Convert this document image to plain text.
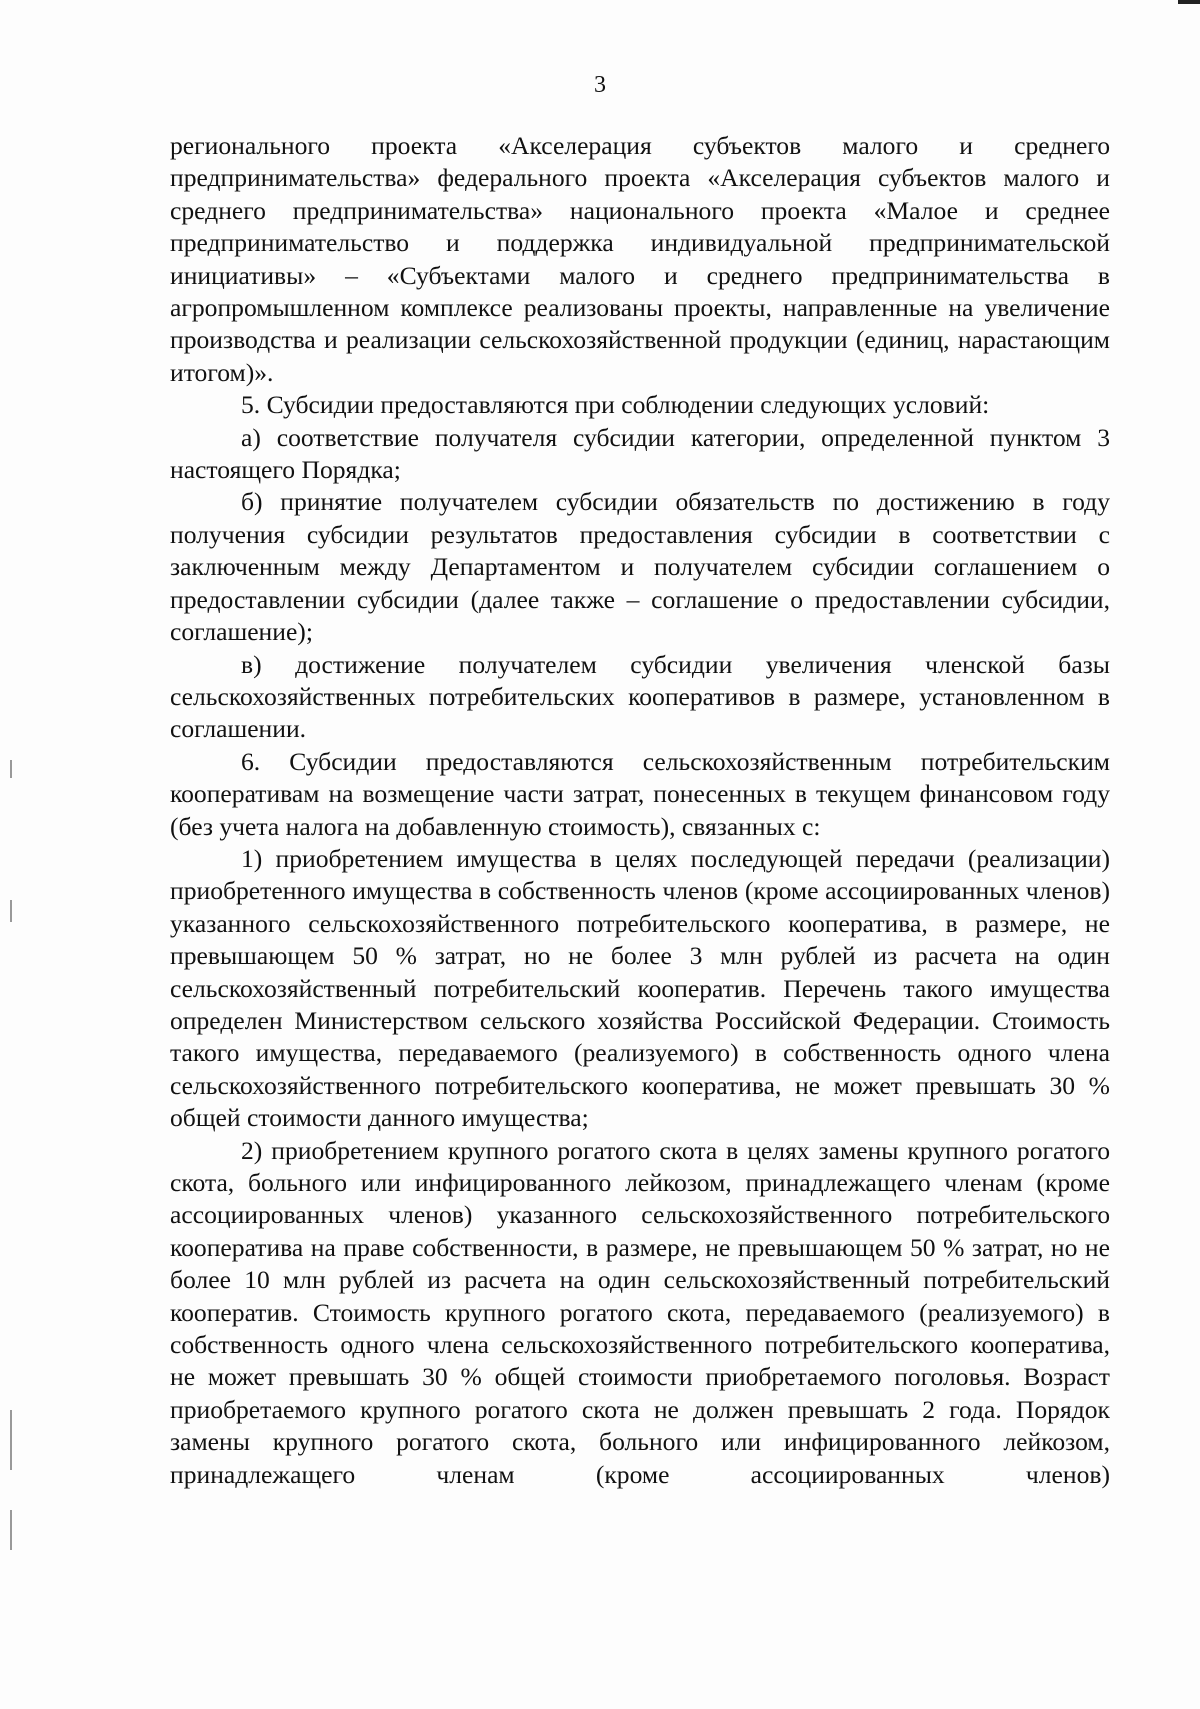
3

регионального проекта «Акселерация субъектов малого и среднего предпринимательства» федерального проекта «Акселерация субъектов малого и среднего предпринимательства» национального проекта «Малое и среднее предпринимательство и поддержка индивидуальной предпринимательской инициативы» – «Субъектами малого и среднего предпринимательства в агропромышленном комплексе реализованы проекты, направленные на увеличение производства и реализации сельскохозяйственной продукции (единиц, нарастающим итогом)».

5. Субсидии предоставляются при соблюдении следующих условий:

а) соответствие получателя субсидии категории, определенной пунктом 3 настоящего Порядка;

б) принятие получателем субсидии обязательств по достижению в году получения субсидии результатов предоставления субсидии в соответствии с заключенным между Департаментом и получателем субсидии соглашением о предоставлении субсидии (далее также – соглашение о предоставлении субсидии, соглашение);

в) достижение получателем субсидии увеличения членской базы сельскохозяйственных потребительских кооперативов в размере, установленном в соглашении.

6. Субсидии предоставляются сельскохозяйственным потребительским кооперативам на возмещение части затрат, понесенных в текущем финансовом году (без учета налога на добавленную стоимость), связанных с:

1) приобретением имущества в целях последующей передачи (реализации) приобретенного имущества в собственность членов (кроме ассоциированных членов) указанного сельскохозяйственного потребительского кооператива, в размере, не превышающем 50 % затрат, но не более 3 млн рублей из расчета на один сельскохозяйственный потребительский кооператив. Перечень такого имущества определен Министерством сельского хозяйства Российской Федерации. Стоимость такого имущества, передаваемого (реализуемого) в собственность одного члена сельскохозяйственного потребительского кооператива, не может превышать 30 % общей стоимости данного имущества;

2) приобретением крупного рогатого скота в целях замены крупного рогатого скота, больного или инфицированного лейкозом, принадлежащего членам (кроме ассоциированных членов) указанного сельскохозяйственного потребительского кооператива на праве собственности, в размере, не превышающем 50 % затрат, но не более 10 млн рублей из расчета на один сельскохозяйственный потребительский кооператив. Стоимость крупного рогатого скота, передаваемого (реализуемого) в собственность одного члена сельскохозяйственного потребительского кооператива, не может превышать 30 % общей стоимости приобретаемого поголовья. Возраст приобретаемого крупного рогатого скота не должен превышать 2 года. Порядок замены крупного рогатого скота, больного или инфицированного лейкозом, принадлежащего членам (кроме ассоциированных членов)
